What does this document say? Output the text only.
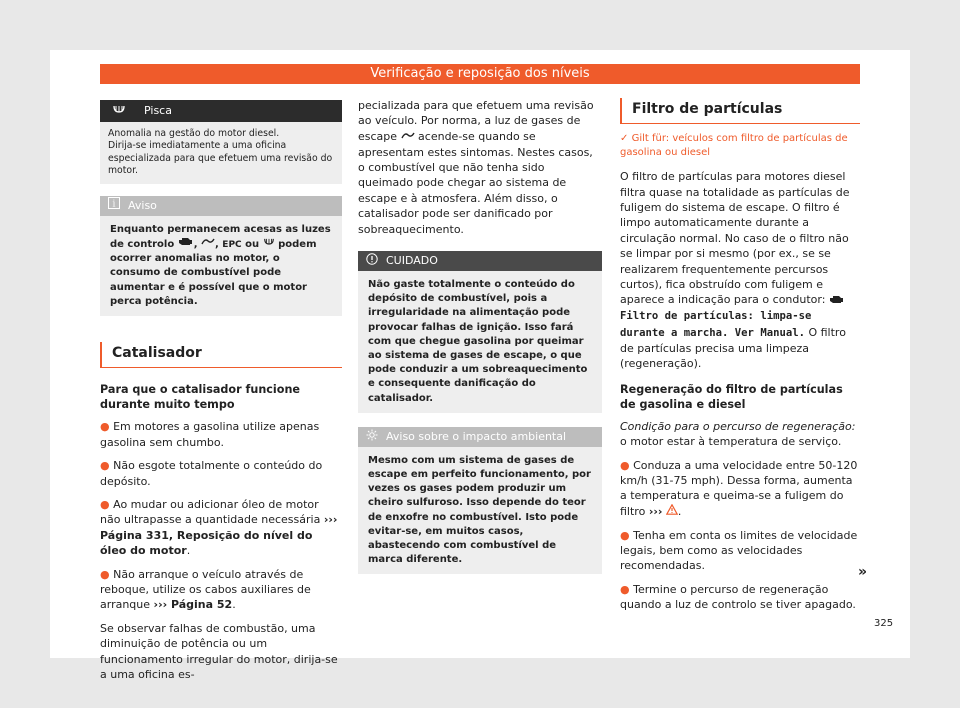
Verificação e reposição dos níveis
Pisca
Anomalia na gestão do motor diesel.
Dirija-se imediatamente a uma oficina especializada para que efetuem uma revisão do motor.
i Aviso
Enquanto permanecem acesas as luzes de controlo , , EPC ou podem ocorrer anomalias no motor, o consumo de combustível pode aumentar e é possível que o motor perca potência.
Catalisador

Para que o catalisador funcione durante muito tempo

● Em motores a gasolina utilize apenas gasolina sem chumbo.

● Não esgote totalmente o conteúdo do depósito.

● Ao mudar ou adicionar óleo de motor não ultrapasse a quantidade necessária ››› Página 331, Reposição do nível do óleo do motor.

● Não arranque o veículo através de reboque, utilize os cabos auxiliares de arranque ››› Página 52.

Se observar falhas de combustão, uma diminuição de potência ou um funcionamento irregular do motor, dirija-se a uma oficina es-

pecializada para que efetuem uma revisão ao veículo. Por norma, a luz de gases de escape acende-se quando se apresentam estes sintomas. Nestes casos, o combustível que não tenha sido queimado pode chegar ao sistema de escape e à atmosfera. Além disso, o catalisador pode ser danificado por sobreaquecimento.

CUIDADO
Não gaste totalmente o conteúdo do depósito de combustível, pois a irregularidade na alimentação pode provocar falhas de ignição. Isso fará com que chegue gasolina por queimar ao sistema de gases de escape, o que pode conduzir a um sobreaquecimento e consequente danificação do catalisador.
Aviso sobre o impacto ambiental
Mesmo com um sistema de gases de escape em perfeito funcionamento, por vezes os gases podem produzir um cheiro sulfuroso. Isso depende do teor de enxofre no combustível. Isto pode evitar-se, em muitos casos, abastecendo com combustível de marca diferente.
Filtro de partículas

✓ Gilt für: veículos com filtro de partículas de gasolina ou diesel

O filtro de partículas para motores diesel filtra quase na totalidade as partículas de fuligem do sistema de escape. O filtro é limpo automaticamente durante a circulação normal. No caso de o filtro não se limpar por si mesmo (por ex., se se realizarem frequentemente percursos curtos), fica obstruído com fuligem e aparece a indicação para o condutor:  Filtro de partículas: limpa-se durante a marcha. Ver Manual. O filtro de partículas precisa uma limpeza (regeneração).

Regeneração do filtro de partículas de gasolina e diesel

Condição para o percurso de regeneração: o motor estar à temperatura de serviço.

● Conduza a uma velocidade entre 50-120 km/h (31-75 mph). Dessa forma, aumenta a temperatura e queima-se a fuligem do filtro ››› .

● Tenha em conta os limites de velocidade legais, bem como as velocidades recomendadas.

● Termine o percurso de regeneração quando a luz de controlo se tiver apagado.

»
325
